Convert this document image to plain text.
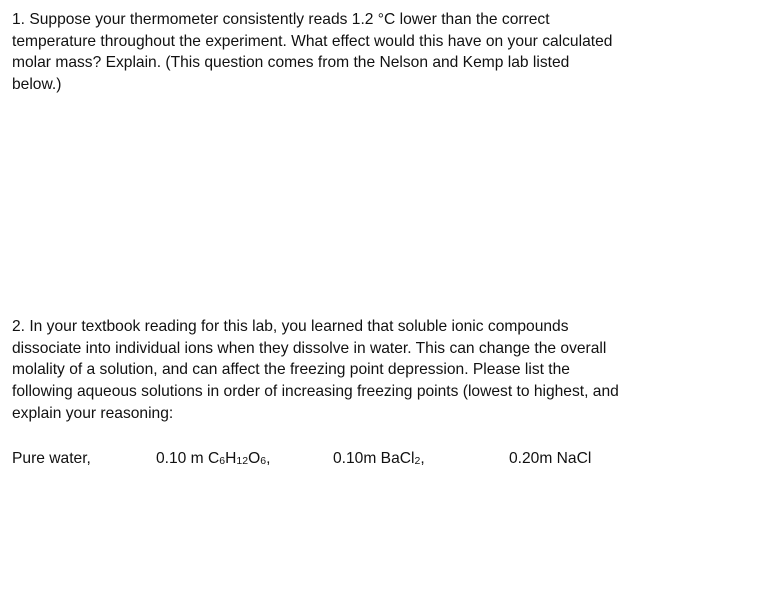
1. Suppose your thermometer consistently reads 1.2 °C lower than the correct
temperature throughout the experiment. What effect would this have on your calculated
molar mass? Explain. (This question comes from the Nelson and Kemp lab listed
below.)
2. In your textbook reading for this lab, you learned that soluble ionic compounds
dissociate into individual ions when they dissolve in water. This can change the overall
molality of a solution, and can affect the freezing point depression. Please list the
following aqueous solutions in order of increasing freezing points (lowest to highest, and
explain your reasoning:
Pure water,	0.10 m $C_6H_{12}O_6$,	0.10m BaCl$_2$,	0.20m NaCl
